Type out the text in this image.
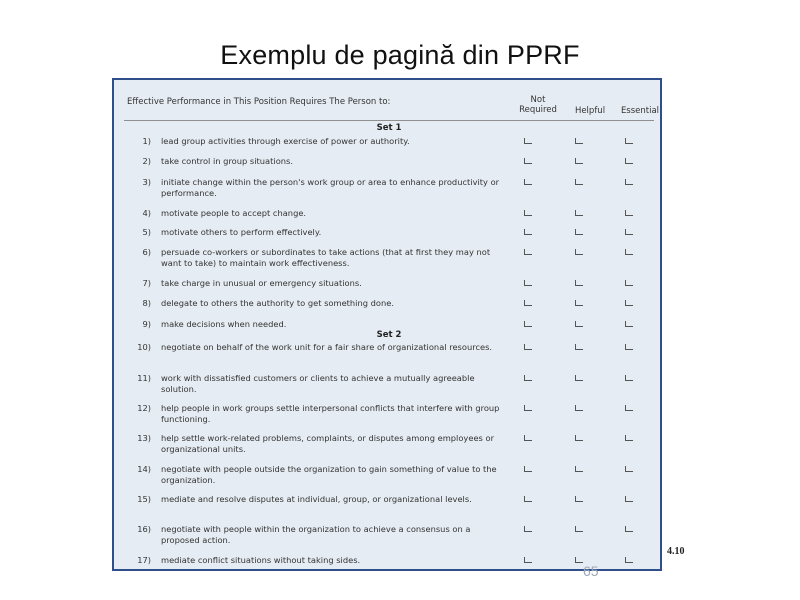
Exemplu de pagină din PPRF
Effective Performance in This Position Requires The Person to:	Not Required	Helpful	Essential
Set 1
1) lead group activities through exercise of power or authority.
2) take control in group situations.
3) initiate change within the person's work group or area to enhance productivity or performance.
4) motivate people to accept change.
5) motivate others to perform effectively.
6) persuade co-workers or subordinates to take actions (that at first they may not want to take) to maintain work effectiveness.
7) take charge in unusual or emergency situations.
8) delegate to others the authority to get something done.
9) make decisions when needed.
Set 2
10) negotiate on behalf of the work unit for a fair share of organizational resources.
11) work with dissatisfied customers or clients to achieve a mutually agreeable solution.
12) help people in work groups settle interpersonal conflicts that interfere with group functioning.
13) help settle work-related problems, complaints, or disputes among employees or organizational units.
14) negotiate with people outside the organization to gain something of value to the organization.
15) mediate and resolve disputes at individual, group, or organizational levels.
16) negotiate with people within the organization to achieve a consensus on a proposed action.
17) mediate conflict situations without taking sides.
4.10
65
